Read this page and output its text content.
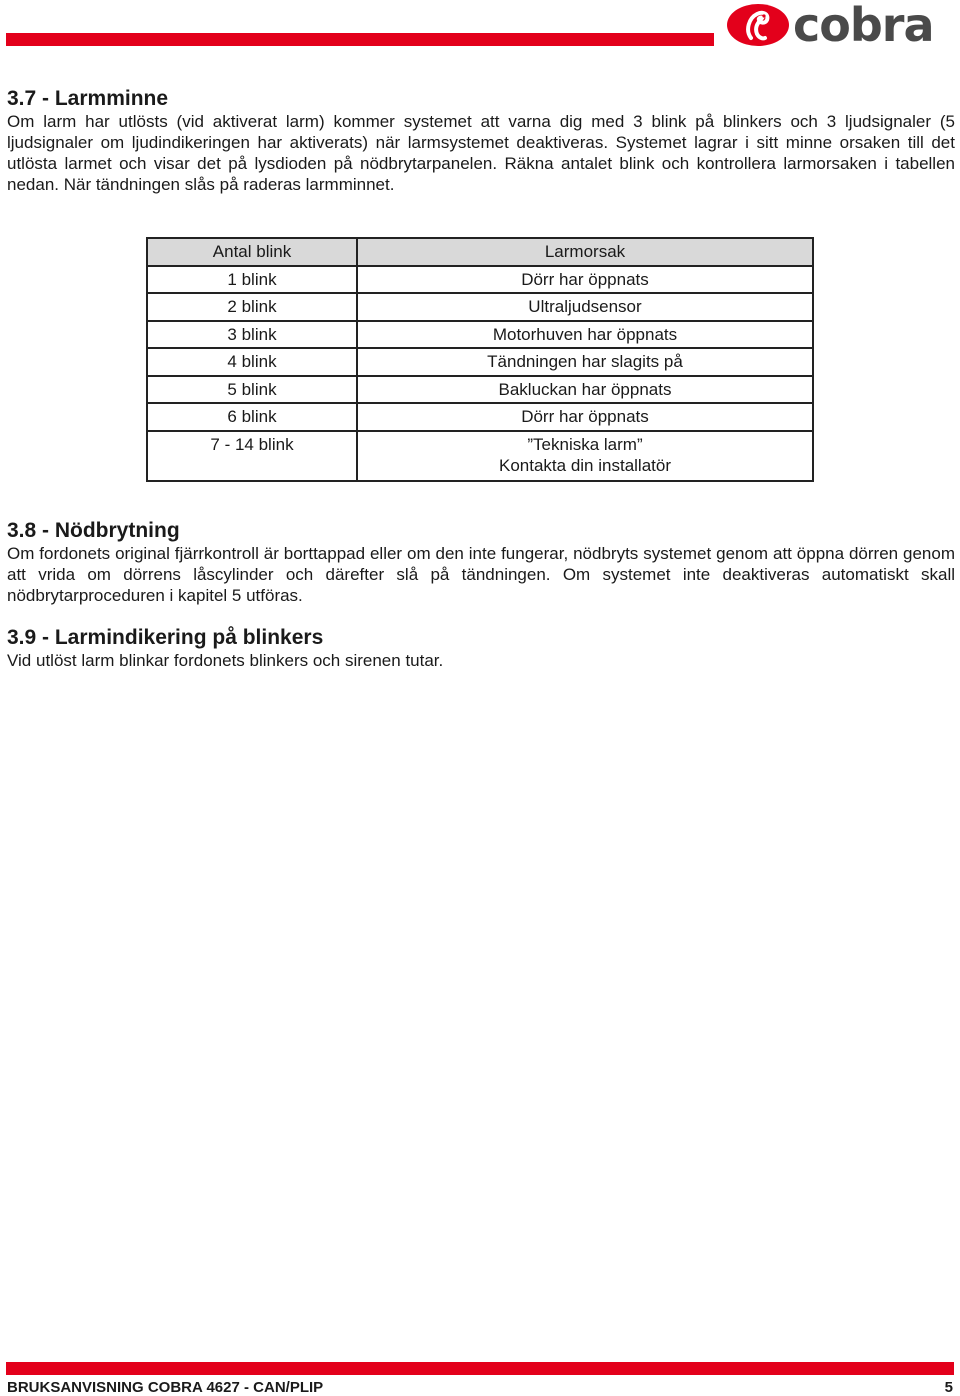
cobra

3.7 - Larmminne

Om larm har utlösts (vid aktiverat larm) kommer systemet att varna dig med 3 blink på blinkers och 3 ljudsignaler (5 ljudsignaler om ljudindikeringen har aktiverats) när larmsystemet deaktiveras. Systemet lagrar i sitt minne orsaken till det utlösta larmet och visar det på lysdioden på nödbrytarpanelen. Räkna antalet blink och kontrollera larmorsaken i tabellen nedan. När tändningen slås på raderas larmminnet.

Antal blink	Larmorsak
1 blink	Dörr har öppnats
2 blink	Ultraljudsensor
3 blink	Motorhuven har öppnats
4 blink	Tändningen har slagits på
5 blink	Bakluckan har öppnats
6 blink	Dörr har öppnats
7 - 14 blink	”Tekniska larm”
Kontakta din installatör
3.8 - Nödbrytning

Om fordonets original fjärrkontroll är borttappad eller om den inte fungerar, nödbryts systemet genom att öppna dörren genom att vrida om dörrens låscylinder och därefter slå på tändningen. Om systemet inte deaktiveras automatiskt skall nödbrytarproceduren i kapitel 5 utföras.

3.9 - Larmindikering på blinkers

Vid utlöst larm blinkar fordonets blinkers och sirenen tutar.

BRUKSANVISNING COBRA 4627 - CAN/PLIP	5
